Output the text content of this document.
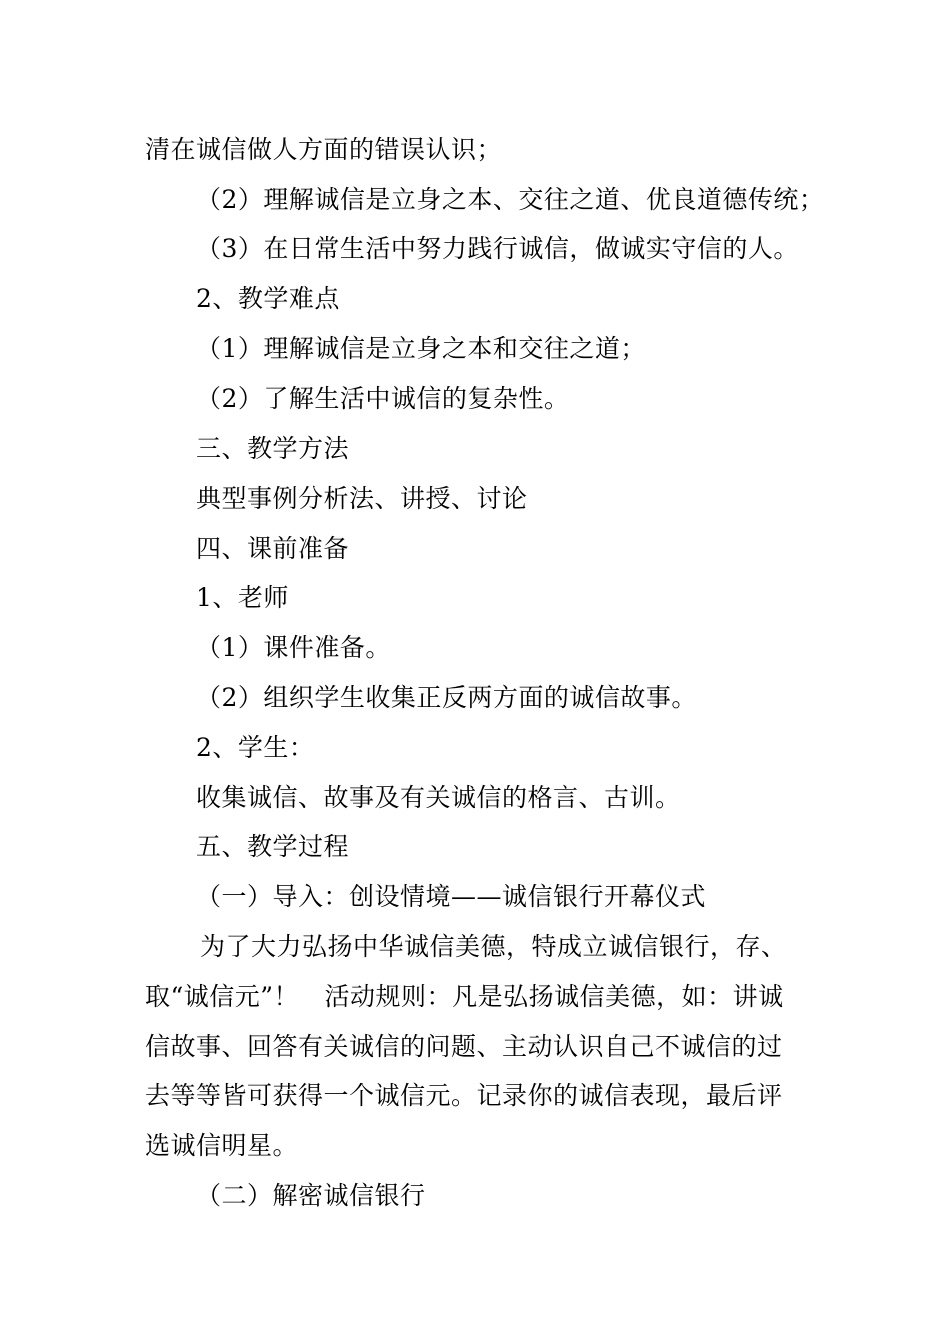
清在诚信做人方面的错误认识；
（2）理解诚信是立身之本、交往之道、优良道德传统；
（3）在日常生活中努力践行诚信，做诚实守信的人。
2、教学难点
（1）理解诚信是立身之本和交往之道；
（2）了解生活中诚信的复杂性。
三、教学方法
典型事例分析法、讲授、讨论
四、课前准备
1、老师
（1）课件准备。
（2）组织学生收集正反两方面的诚信故事。
2、学生：
收集诚信、故事及有关诚信的格言、古训。
五、教学过程
（一）导入：创设情境——诚信银行开幕仪式
为了大力弘扬中华诚信美德，特成立诚信银行，存、
取“诚信元”！　活动规则：凡是弘扬诚信美德，如：讲诚
信故事、回答有关诚信的问题、主动认识自己不诚信的过
去等等皆可获得一个诚信元。记录你的诚信表现，最后评
选诚信明星。
（二）解密诚信银行
